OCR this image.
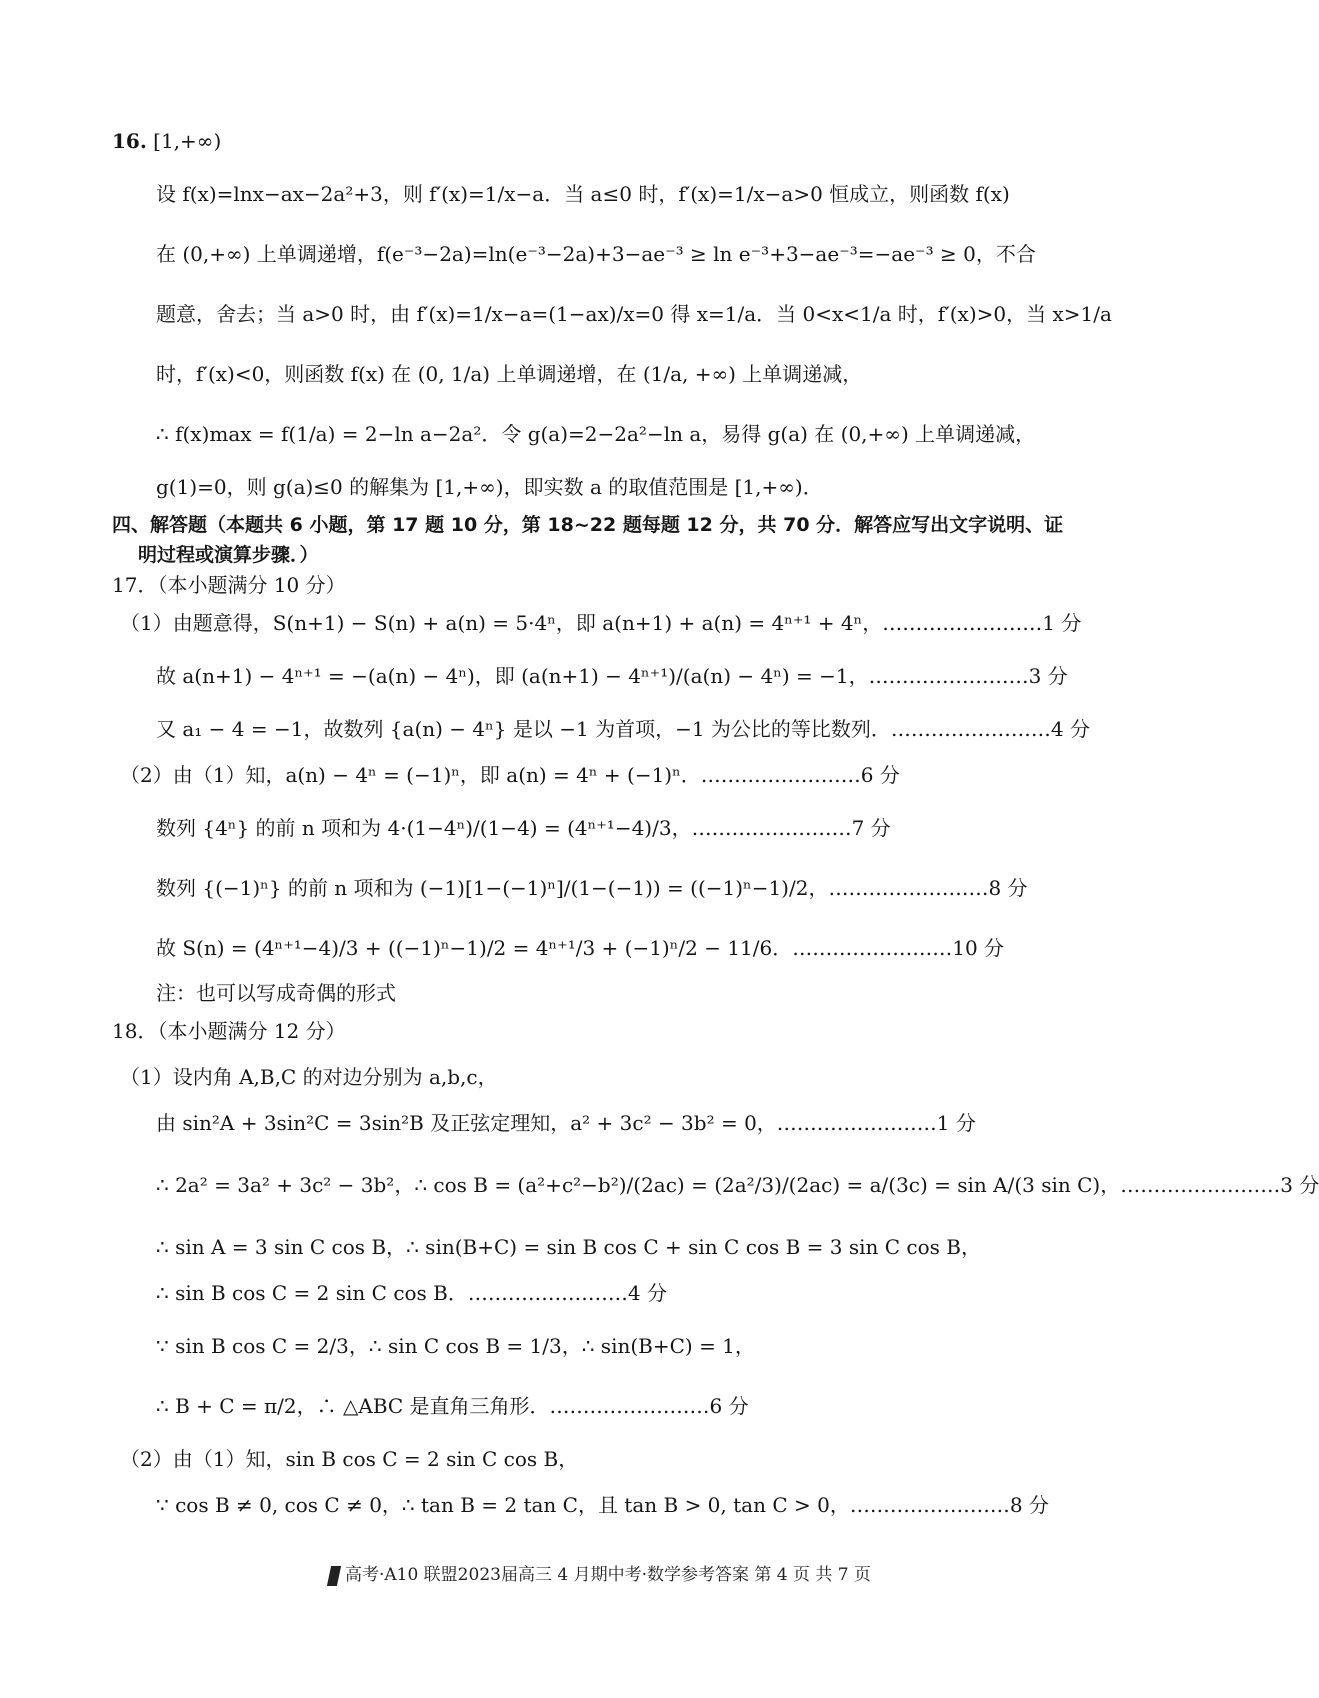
16. [1,+∞)
设 f(x)=lnx−ax−2a²+3，则 f′(x)=1/x−a．当 a≤0 时，f′(x)=1/x−a>0 恒成立，则函数 f(x)
在 (0,+∞) 上单调递增，f(e⁻³−2a)=ln(e⁻³−2a)+3−ae⁻³ ≥ ln e⁻³+3−ae⁻³=−ae⁻³ ≥ 0，不合
题意，舍去；当 a>0 时，由 f′(x)=1/x−a=(1−ax)/x=0 得 x=1/a．当 0<x<1/a 时，f′(x)>0，当 x>1/a
时，f′(x)<0，则函数 f(x) 在 (0, 1/a) 上单调递增，在 (1/a, +∞) 上单调递减，
∴ f(x)max = f(1/a) = 2−ln a−2a²．令 g(a)=2−2a²−ln a，易得 g(a) 在 (0,+∞) 上单调递减，
g(1)=0，则 g(a)≤0 的解集为 [1,+∞)，即实数 a 的取值范围是 [1,+∞)．
四、解答题（本题共 6 小题，第 17 题 10 分，第 18~22 题每题 12 分，共 70 分．解答应写出文字说明、证
明过程或演算步骤．）
17．（本小题满分 10 分）
（1）由题意得，S(n+1) − S(n) + a(n) = 5·4ⁿ，即 a(n+1) + a(n) = 4ⁿ⁺¹ + 4ⁿ，……………………1 分
故 a(n+1) − 4ⁿ⁺¹ = −(a(n) − 4ⁿ)，即 (a(n+1) − 4ⁿ⁺¹)/(a(n) − 4ⁿ) = −1，……………………3 分
又 a₁ − 4 = −1，故数列 {a(n) − 4ⁿ} 是以 −1 为首项，−1 为公比的等比数列．……………………4 分
（2）由（1）知，a(n) − 4ⁿ = (−1)ⁿ，即 a(n) = 4ⁿ + (−1)ⁿ．……………………6 分
数列 {4ⁿ} 的前 n 项和为 4·(1−4ⁿ)/(1−4) = (4ⁿ⁺¹−4)/3，……………………7 分
数列 {(−1)ⁿ} 的前 n 项和为 (−1)[1−(−1)ⁿ]/(1−(−1)) = ((−1)ⁿ−1)/2，……………………8 分
故 S(n) = (4ⁿ⁺¹−4)/3 + ((−1)ⁿ−1)/2 = 4ⁿ⁺¹/3 + (−1)ⁿ/2 − 11/6．……………………10 分
注：也可以写成奇偶的形式
18．（本小题满分 12 分）
（1）设内角 A,B,C 的对边分别为 a,b,c，
由 sin²A + 3sin²C = 3sin²B 及正弦定理知，a² + 3c² − 3b² = 0，……………………1 分
∴ 2a² = 3a² + 3c² − 3b²，∴ cos B = (a²+c²−b²)/(2ac) = (2a²/3)/(2ac) = a/(3c) = sin A/(3 sin C)，……………………3 分
∴ sin A = 3 sin C cos B，∴ sin(B+C) = sin B cos C + sin C cos B = 3 sin C cos B，
∴ sin B cos C = 2 sin C cos B．……………………4 分
∵ sin B cos C = 2/3，∴ sin C cos B = 1/3，∴ sin(B+C) = 1，
∴ B + C = π/2，∴ △ABC 是直角三角形．……………………6 分
（2）由（1）知，sin B cos C = 2 sin C cos B，
∵ cos B ≠ 0, cos C ≠ 0，∴ tan B = 2 tan C，且 tan B > 0, tan C > 0，……………………8 分
高考·A10 联盟2023届高三 4 月期中考·数学参考答案 第 4 页 共 7 页
